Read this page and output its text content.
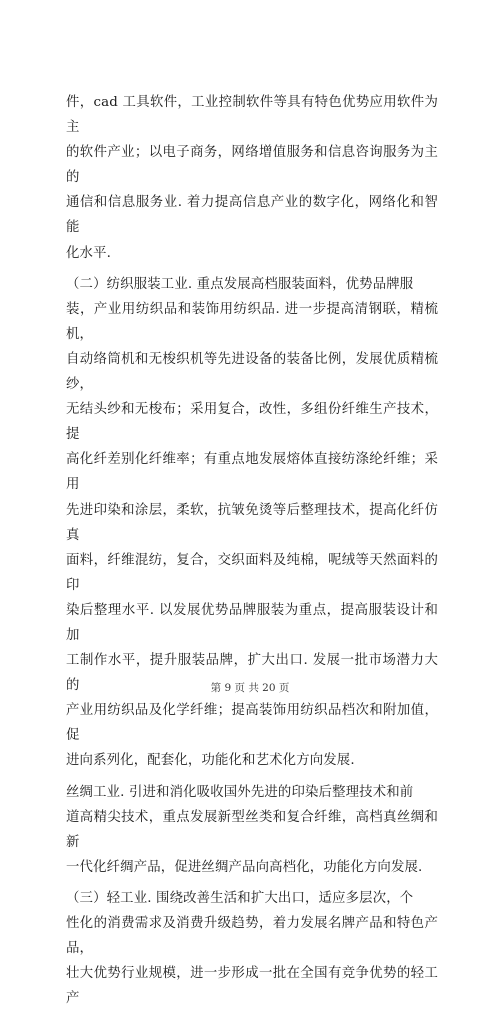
件，cad 工具软件，工业控制软件等具有特色优势应用软件为主
的软件产业；以电子商务，网络增值服务和信息咨询服务为主的
通信和信息服务业. 着力提高信息产业的数字化，网络化和智能
化水平.

（二）纺织服装工业. 重点发展高档服装面料，优势品牌服
装，产业用纺织品和装饰用纺织品. 进一步提高清钢联，精梳机，
自动络筒机和无梭织机等先进设备的装备比例，发展优质精梳纱，
无结头纱和无梭布；采用复合，改性，多组份纤维生产技术，提
高化纤差别化纤维率；有重点地发展熔体直接纺涤纶纤维；采用
先进印染和涂层，柔软，抗皱免烫等后整理技术，提高化纤仿真
面料，纤维混纺，复合，交织面料及纯棉，呢绒等天然面料的印
染后整理水平. 以发展优势品牌服装为重点，提高服装设计和加
工制作水平，提升服装品牌，扩大出口. 发展一批市场潜力大的
产业用纺织品及化学纤维；提高装饰用纺织品档次和附加值，促
进向系列化，配套化，功能化和艺术化方向发展.

丝绸工业. 引进和消化吸收国外先进的印染后整理技术和前
道高精尖技术，重点发展新型丝类和复合纤维，高档真丝绸和新
一代化纤绸产品，促进丝绸产品向高档化，功能化方向发展.

（三）轻工业. 围绕改善生活和扩大出口，适应多层次，个
性化的消费需求及消费升级趋势，着力发展名牌产品和特色产品，
壮大优势行业规模，进一步形成一批在全国有竞争优势的轻工产

第 9 页 共 20 页
